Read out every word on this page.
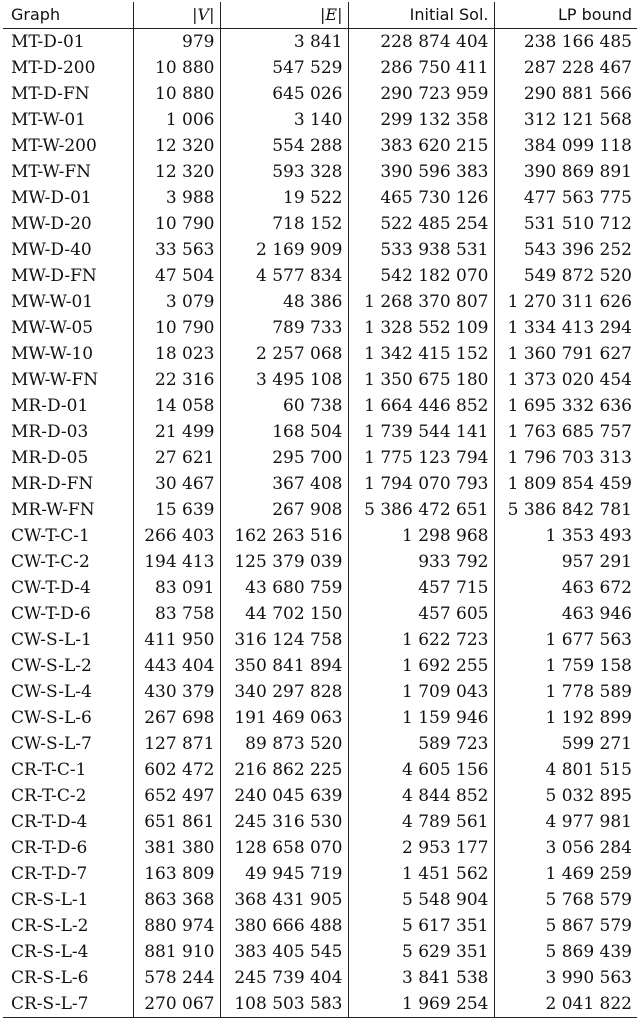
Graph	|V|	|E|	Initial Sol.	LP bound
MT-D-01	979	3 841	228 874 404	238 166 485
MT-D-200	10 880	547 529	286 750 411	287 228 467
MT-D-FN	10 880	645 026	290 723 959	290 881 566
MT-W-01	1 006	3 140	299 132 358	312 121 568
MT-W-200	12 320	554 288	383 620 215	384 099 118
MT-W-FN	12 320	593 328	390 596 383	390 869 891
MW-D-01	3 988	19 522	465 730 126	477 563 775
MW-D-20	10 790	718 152	522 485 254	531 510 712
MW-D-40	33 563	2 169 909	533 938 531	543 396 252
MW-D-FN	47 504	4 577 834	542 182 070	549 872 520
MW-W-01	3 079	48 386	1 268 370 807	1 270 311 626
MW-W-05	10 790	789 733	1 328 552 109	1 334 413 294
MW-W-10	18 023	2 257 068	1 342 415 152	1 360 791 627
MW-W-FN	22 316	3 495 108	1 350 675 180	1 373 020 454
MR-D-01	14 058	60 738	1 664 446 852	1 695 332 636
MR-D-03	21 499	168 504	1 739 544 141	1 763 685 757
MR-D-05	27 621	295 700	1 775 123 794	1 796 703 313
MR-D-FN	30 467	367 408	1 794 070 793	1 809 854 459
MR-W-FN	15 639	267 908	5 386 472 651	5 386 842 781
CW-T-C-1	266 403	162 263 516	1 298 968	1 353 493
CW-T-C-2	194 413	125 379 039	933 792	957 291
CW-T-D-4	83 091	43 680 759	457 715	463 672
CW-T-D-6	83 758	44 702 150	457 605	463 946
CW-S-L-1	411 950	316 124 758	1 622 723	1 677 563
CW-S-L-2	443 404	350 841 894	1 692 255	1 759 158
CW-S-L-4	430 379	340 297 828	1 709 043	1 778 589
CW-S-L-6	267 698	191 469 063	1 159 946	1 192 899
CW-S-L-7	127 871	89 873 520	589 723	599 271
CR-T-C-1	602 472	216 862 225	4 605 156	4 801 515
CR-T-C-2	652 497	240 045 639	4 844 852	5 032 895
CR-T-D-4	651 861	245 316 530	4 789 561	4 977 981
CR-T-D-6	381 380	128 658 070	2 953 177	3 056 284
CR-T-D-7	163 809	49 945 719	1 451 562	1 469 259
CR-S-L-1	863 368	368 431 905	5 548 904	5 768 579
CR-S-L-2	880 974	380 666 488	5 617 351	5 867 579
CR-S-L-4	881 910	383 405 545	5 629 351	5 869 439
CR-S-L-6	578 244	245 739 404	3 841 538	3 990 563
CR-S-L-7	270 067	108 503 583	1 969 254	2 041 822
